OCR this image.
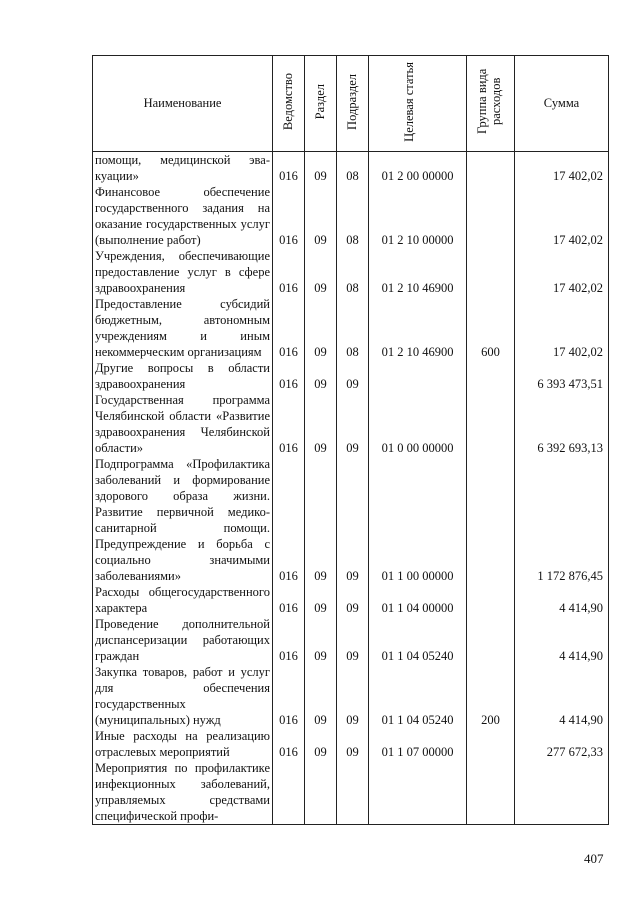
Наименование	Ведомство	Раздел	Подраздел	Целевая статья	Группа вида расходов	Сумма
помощи, медицинской эва-куации»	016	09	08	01 2 00 00000		17 402,02
Финансовое обеспечение государственного задания на оказание государственных услуг (выполнение работ)	016	09	08	01 2 10 00000		17 402,02
Учреждения, обеспечивающие предоставление услуг в сфере здравоохранения	016	09	08	01 2 10 46900		17 402,02
Предоставление субсидий бюджетным, автономным учреждениям и иным некоммерческим организациям	016	09	08	01 2 10 46900	600	17 402,02
Другие вопросы в области здравоохранения	016	09	09			6 393 473,51
Государственная программа Челябинской области «Развитие здравоохранения Челябинской области»	016	09	09	01 0 00 00000		6 392 693,13
Подпрограмма «Профилактика заболеваний и формирование здорового образа жизни. Развитие первичной медико-санитарной помощи. Предупреждение и борьба с социально значимыми заболеваниями»	016	09	09	01 1 00 00000		1 172 876,45
Расходы общегосударственного характера	016	09	09	01 1 04 00000		4 414,90
Проведение дополнительной диспансеризации работающих граждан	016	09	09	01 1 04 05240		4 414,90
Закупка товаров, работ и услуг для обеспечения государственных (муниципальных) нужд	016	09	09	01 1 04 05240	200	4 414,90
Иные расходы на реализацию отраслевых мероприятий	016	09	09	01 1 07 00000		277 672,33
Мероприятия по профилактике инфекционных заболеваний, управляемых средствами специфической профи-						
407
